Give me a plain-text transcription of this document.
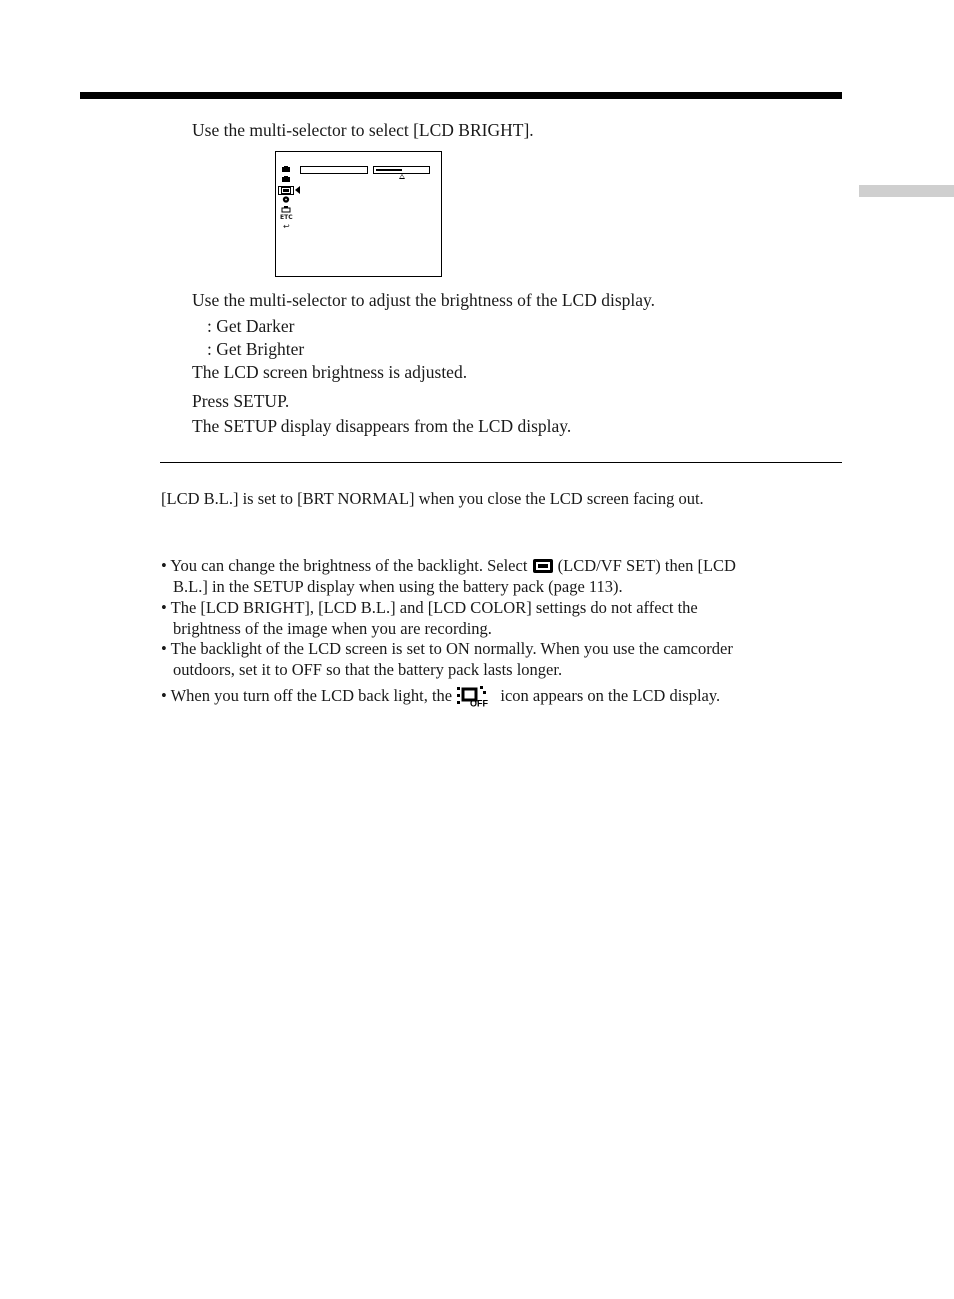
Use the multi-selector to select [LCD BRIGHT].
ETC
↩
Use the multi-selector to adjust the brightness of the LCD display.
: Get Darker
: Get Brighter
The LCD screen brightness is adjusted.
Press SETUP.
The SETUP display disappears from the LCD display.
[LCD B.L.] is set to [BRT NORMAL] when you close the LCD screen facing out.
• You can change the brightness of the backlight. Select (LCD/VF SET) then [LCD
B.L.] in the SETUP display when using the battery pack (page 113).
• The [LCD BRIGHT], [LCD B.L.] and [LCD COLOR] settings do not affect the
brightness of the image when you are recording.
• The backlight of the LCD screen is set to ON normally. When you use the camcorder
outdoors, set it to OFF so that the battery pack lasts longer.
• When you turn off the LCD back light, the OFF icon appears on the LCD display.
